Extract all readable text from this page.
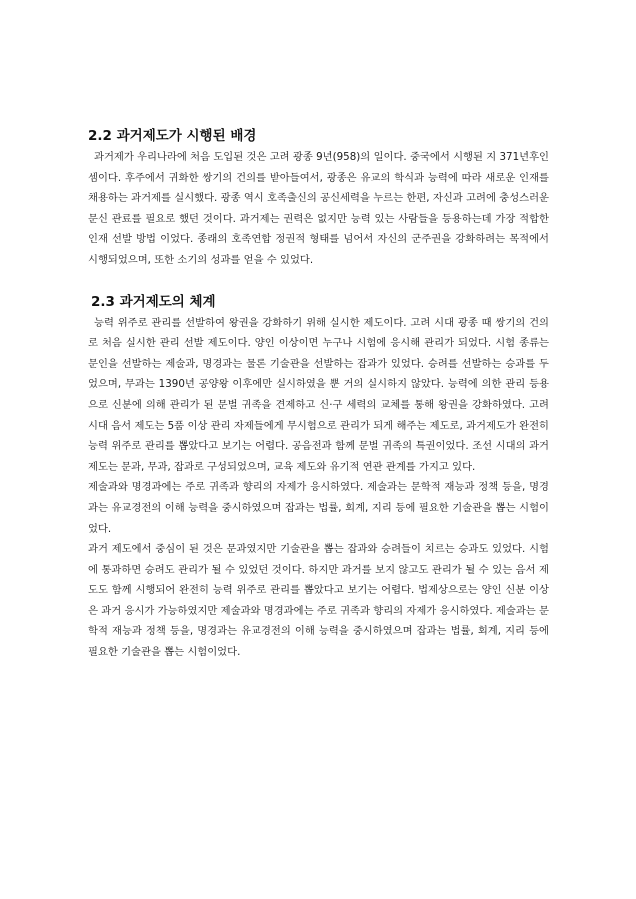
2.2 과거제도가 시행된 배경

과거제가 우리나라에 처음 도입된 것은 고려 광종 9년(958)의 일이다. 중국에서 시행된 지 371년후인 셈이다. 후주에서 귀화한 쌍기의 건의를 받아들여서, 광종은 유교의 학식과 능력에 따라 새로운 인재를 채용하는 과거제를 실시했다. 광종 역시 호족출신의 공신세력을 누르는 한편, 자신과 고려에 충성스러운 문신 관료를 필요로 했던 것이다. 과거제는 권력은 없지만 능력 있는 사람들을 등용하는데 가장 적합한 인재 선발 방법 이었다. 종래의 호족연합 정권적 형태를 넘어서 자신의 군주권을 강화하려는 목적에서 시행되었으며, 또한 소기의 성과를 얻을 수 있었다.

2.3 과거제도의 체계

능력 위주로 관리를 선발하여 왕권을 강화하기 위해 실시한 제도이다. 고려 시대 광종 때 쌍기의 건의로 처음 실시한 관리 선발 제도이다. 양인 이상이면 누구나 시험에 응시해 관리가 되었다. 시험 종류는 문인을 선발하는 제술과, 명경과는 물론 기술관을 선발하는 잡과가 있었다. 승려를 선발하는 승과를 두었으며, 무과는 1390년 공양왕 이후에만 실시하였을 뿐 거의 실시하지 않았다. 능력에 의한 관리 등용으로 신분에 의해 관리가 된 문벌 귀족을 견제하고 신·구 세력의 교체를 통해 왕권을 강화하였다. 고려 시대 음서 제도는 5품 이상 관리 자제들에게 무시험으로 관리가 되게 해주는 제도로, 과거제도가 완전히 능력 위주로 관리를 뽑았다고 보기는 어렵다. 공음전과 함께 문벌 귀족의 특권이었다. 조선 시대의 과거 제도는 문과, 무과, 잡과로 구성되었으며, 교육 제도와 유기적 연관 관계를 가지고 있다.

제술과와 명경과에는 주로 귀족과 향리의 자제가 응시하였다. 제술과는 문학적 재능과 정책 등을, 명경과는 유교경전의 이해 능력을 중시하였으며 잡과는 법률, 회계, 지리 등에 필요한 기술관을 뽑는 시험이었다.

과거 제도에서 중심이 된 것은 문과였지만 기술관을 뽑는 잡과와 승려들이 치르는 승과도 있었다. 시험에 통과하면 승려도 관리가 될 수 있었던 것이다. 하지만 과거를 보지 않고도 관리가 될 수 있는 음서 제도도 함께 시행되어 완전히 능력 위주로 관리를 뽑았다고 보기는 어렵다. 법제상으로는 양인 신분 이상은 과거 응시가 가능하였지만 제술과와 명경과에는 주로 귀족과 향리의 자제가 응시하였다. 제술과는 문학적 재능과 정책 등을, 명경과는 유교경전의 이해 능력을 중시하였으며 잡과는 법률, 회계, 지리 등에 필요한 기술관을 뽑는 시험이었다.
